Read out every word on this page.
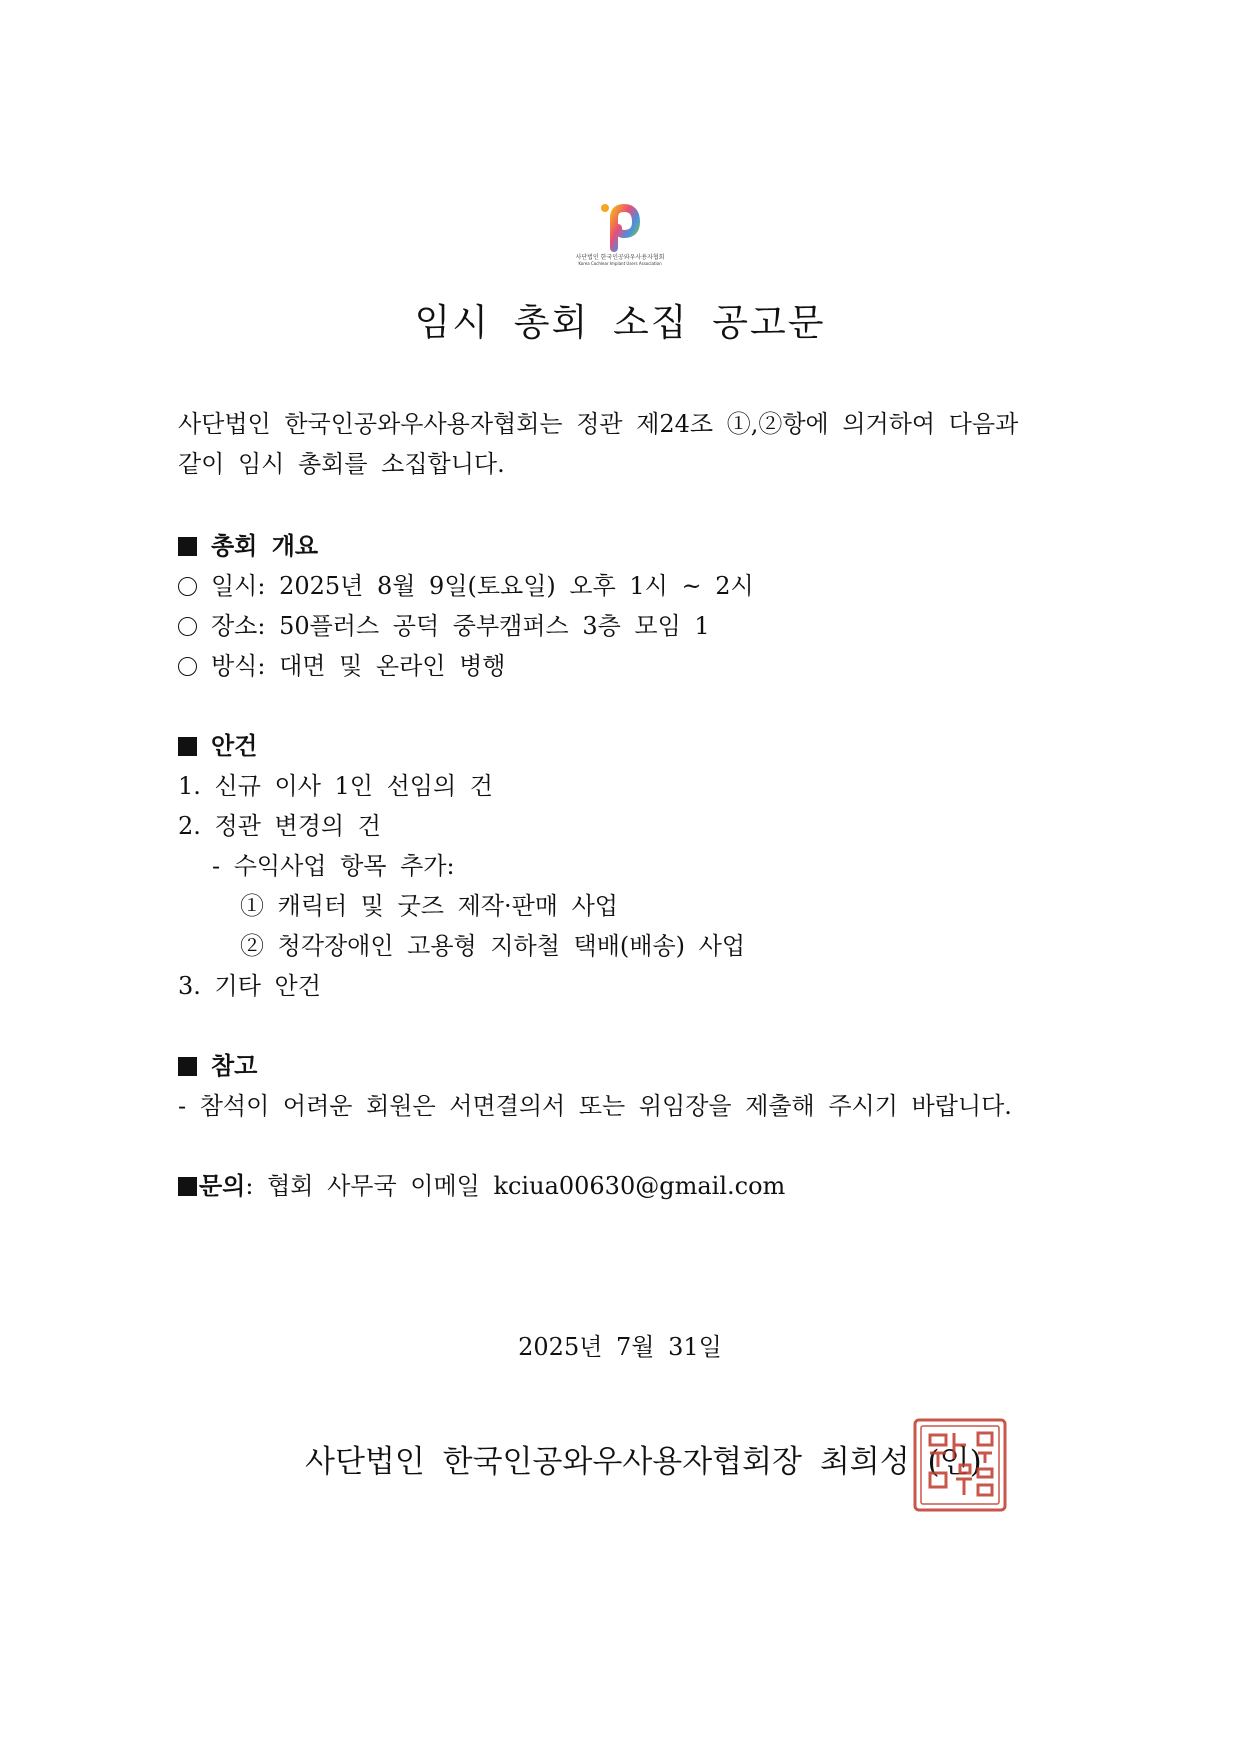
사단법인 한국인공와우사용자협회
Korea Cochlear Implant Users Association
임시 총회 소집 공고문

사단법인 한국인공와우사용자협회는 정관 제24조 ①,②항에 의거하여 다음과

같이 임시 총회를 소집합니다.

총회 개요
일시: 2025년 8월 9일(토요일) 오후 1시 ~ 2시
장소: 50플러스 공덕 중부캠퍼스 3층 모임 1
방식: 대면 및 온라인 병행
안건
1. 신규 이사 1인 선임의 건
2. 정관 변경의 건
- 수익사업 항목 추가:
① 캐릭터 및 굿즈 제작·판매 사업
② 청각장애인 고용형 지하철 택배(배송) 사업
3. 기타 안건
참고
- 참석이 어려운 회원은 서면결의서 또는 위임장을 제출해 주시기 바랍니다.
문의: 협회 사무국 이메일 kciua00630@gmail.com
2025년 7월 31일
사단법인 한국인공와우사용자협회장 최희성 (인)
